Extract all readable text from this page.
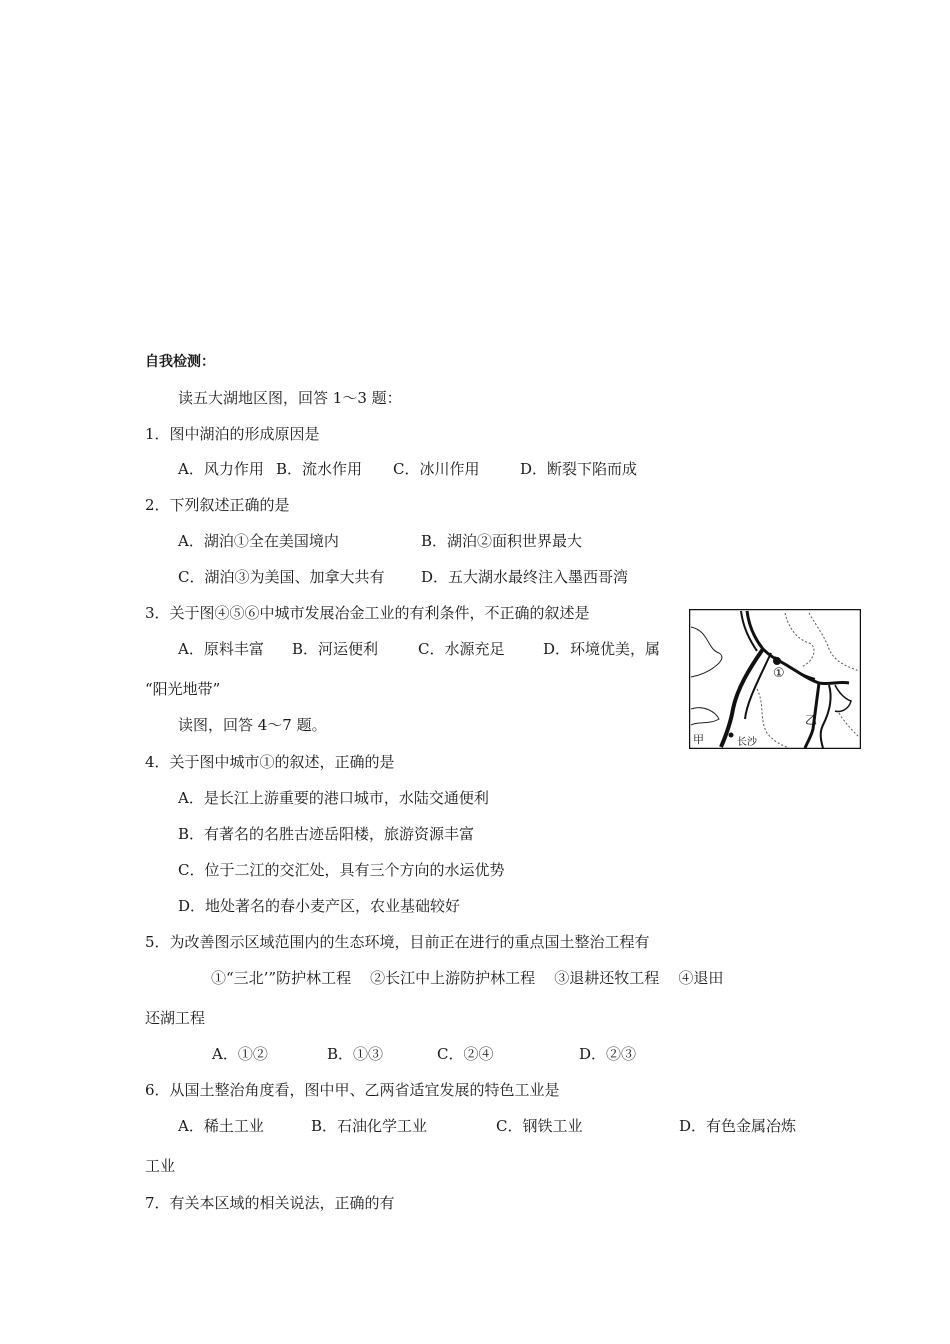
自我检测：
读五大湖地区图，回答 1～3 题：
1．图中湖泊的形成原因是
A．风力作用 B．流水作用 C．冰川作用	D．断裂下陷而成
2．下列叙述正确的是
A．湖泊①全在美国境内	B．湖泊②面积世界最大
C．湖泊③为美国、加拿大共有 D．五大湖水最终注入墨西哥湾
3．关于图④⑤⑥中城市发展冶金工业的有利条件，不正确的叙述是
A．原料丰富 B．河运便利	C．水源充足	D．环境优美，属
“阳光地带”
读图，回答 4～7 题。
①
乙
甲	长沙
4．关于图中城市①的叙述，正确的是
A．是长江上游重要的港口城市，水陆交通便利
B．有著名的名胜古迹岳阳楼，旅游资源丰富
C．位于二江的交汇处，具有三个方向的水运优势
D．地处著名的春小麦产区，农业基础较好
5．为改善图示区域范围内的生态环境，目前正在进行的重点国土整治工程有
①“三北’”防护林工程    ②长江中上游防护林工程    ③退耕还牧工程    ④退田
还湖工程
A．①②	B．①③	C．②④	D．②③
6．从国土整治角度看，图中甲、乙两省适宜发展的特色工业是
A．稀土工业	B．石油化学工业	C．钢铁工业	D．有色金属冶炼
工业
7．有关本区域的相关说法，正确的有
